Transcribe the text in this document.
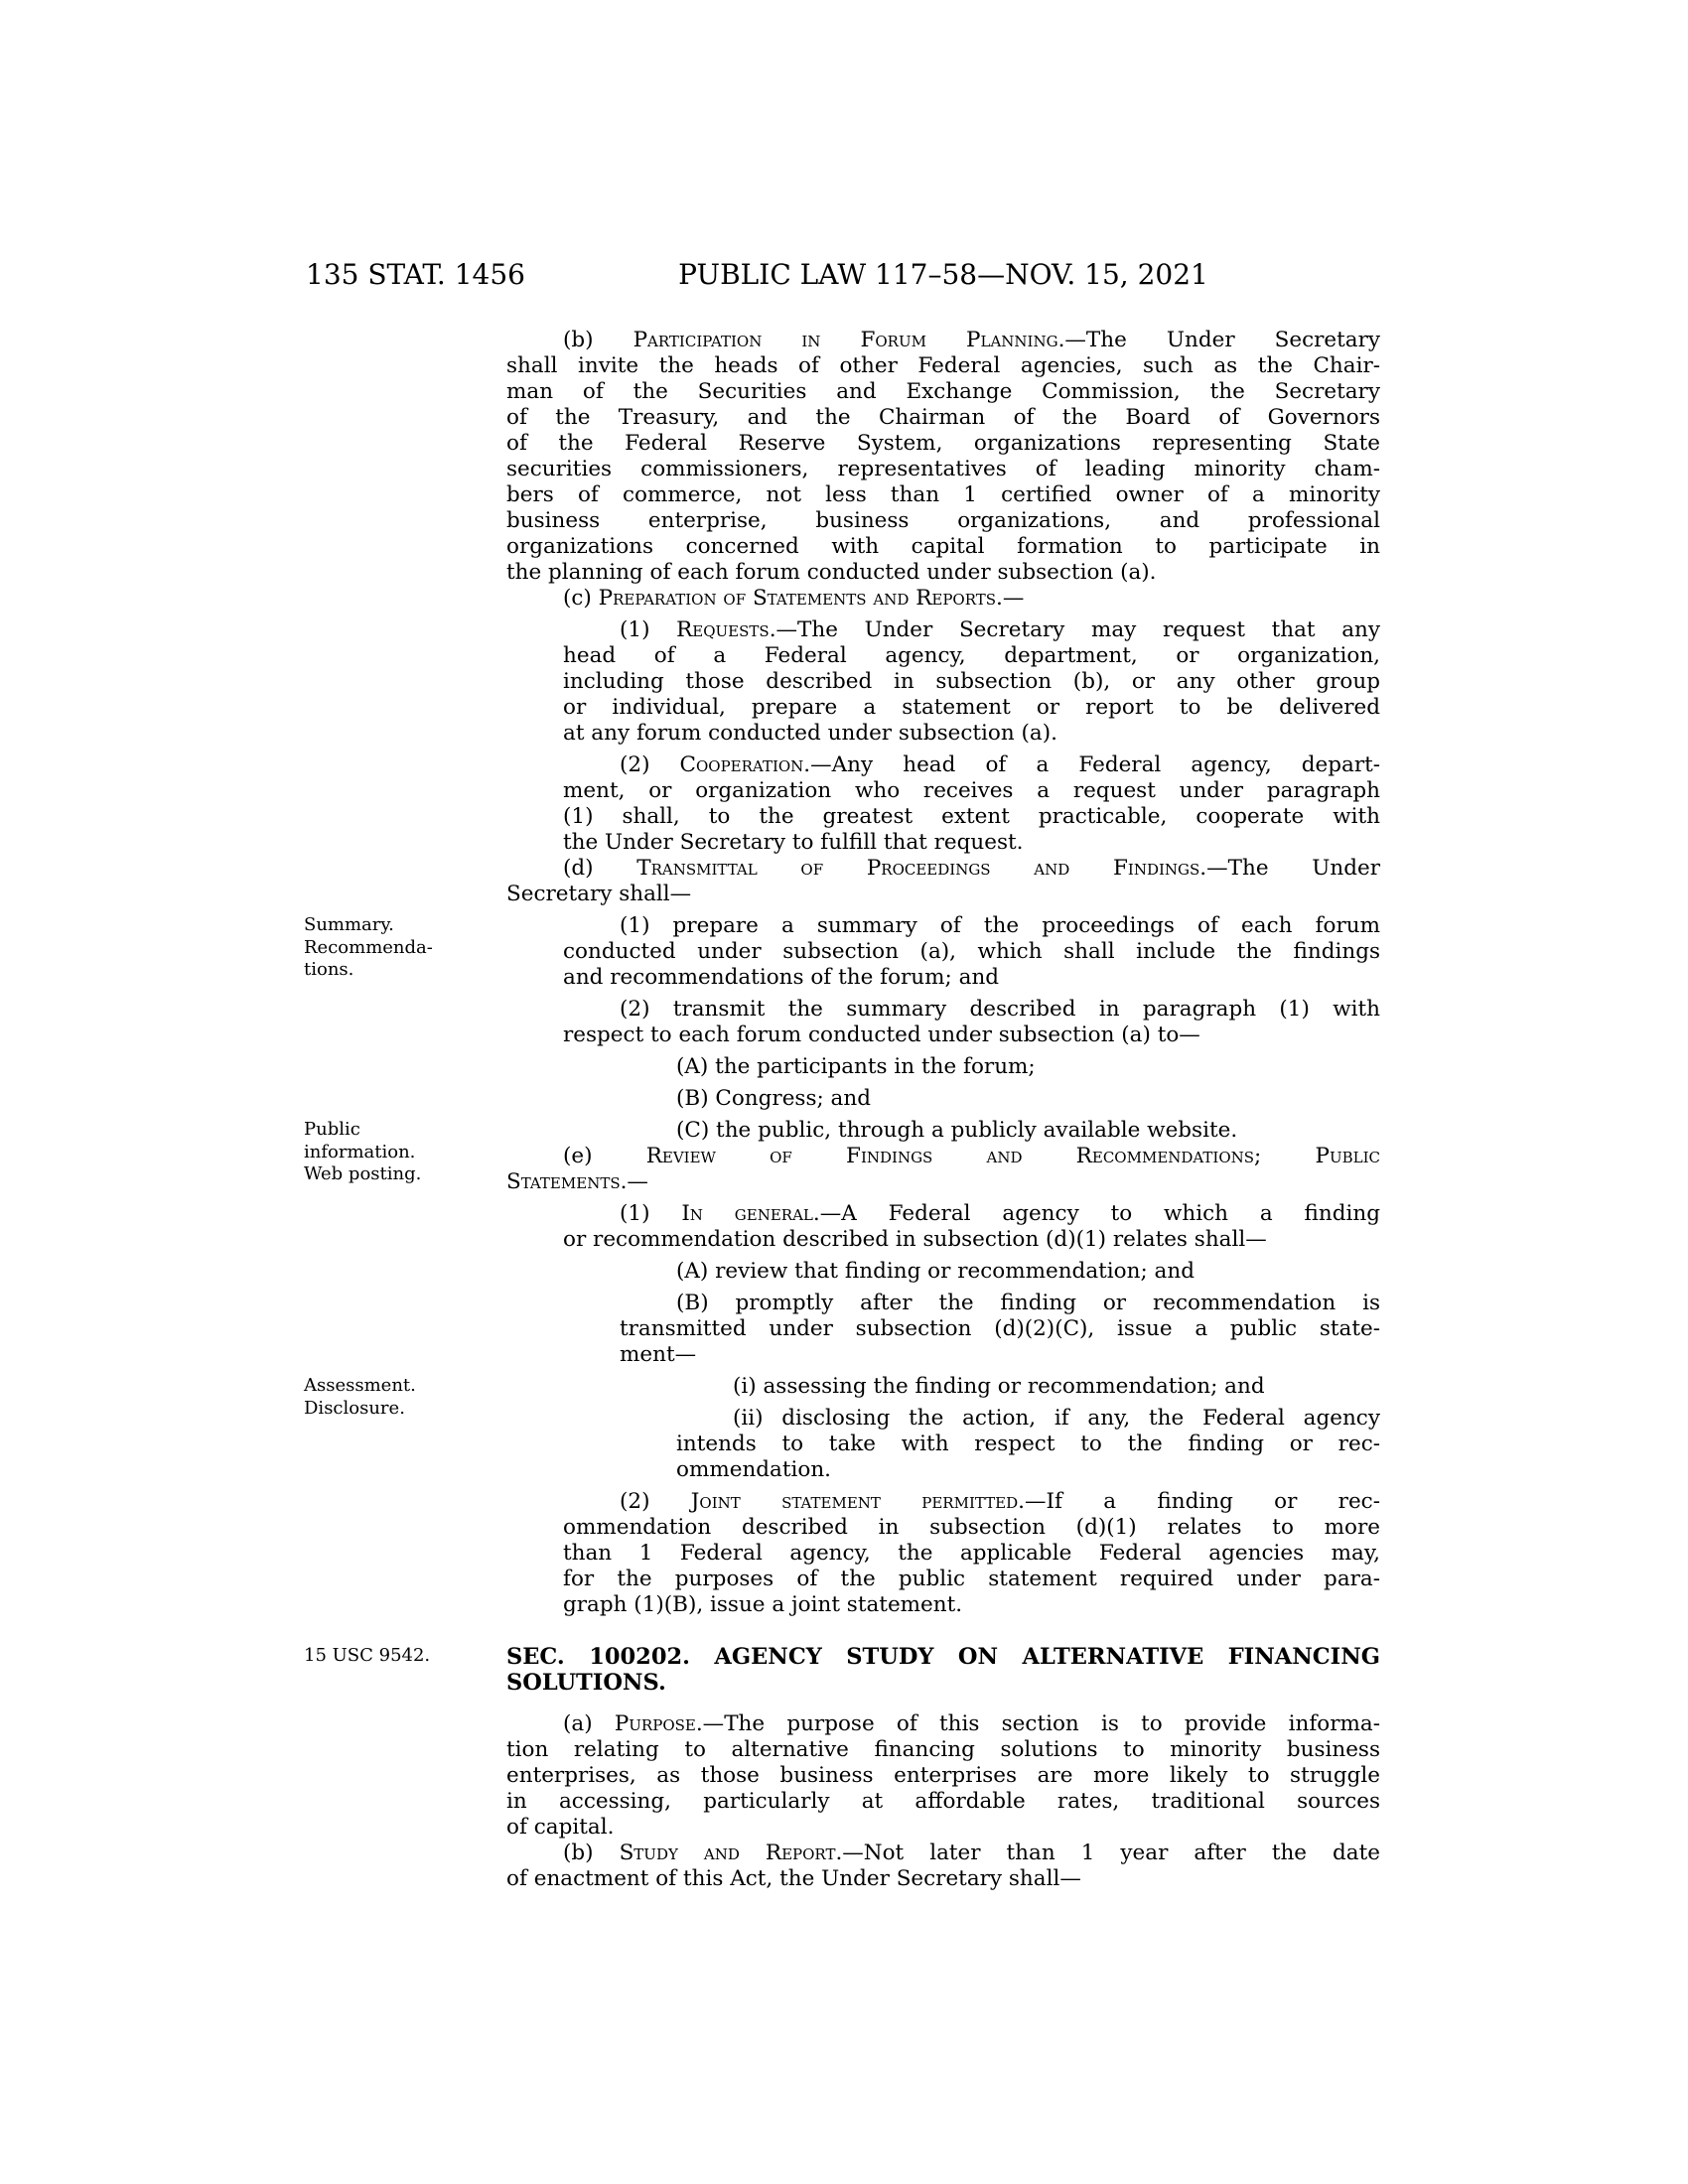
135 STAT. 1456	PUBLIC LAW 117–58—NOV. 15, 2021
(b) Participation in Forum Planning.—The Under Secretary
shall invite the heads of other Federal agencies, such as the Chair-
man of the Securities and Exchange Commission, the Secretary
of the Treasury, and the Chairman of the Board of Governors
of the Federal Reserve System, organizations representing State
securities commissioners, representatives of leading minority cham-
bers of commerce, not less than 1 certified owner of a minority
business enterprise, business organizations, and professional
organizations concerned with capital formation to participate in
the planning of each forum conducted under subsection (a).
(c) Preparation of Statements and Reports.—
(1) Requests.—The Under Secretary may request that any
head of a Federal agency, department, or organization,
including those described in subsection (b), or any other group
or individual, prepare a statement or report to be delivered
at any forum conducted under subsection (a).
(2) Cooperation.—Any head of a Federal agency, depart-
ment, or organization who receives a request under paragraph
(1) shall, to the greatest extent practicable, cooperate with
the Under Secretary to fulfill that request.
(d) Transmittal of Proceedings and Findings.—The Under
Secretary shall—
(1) prepare a summary of the proceedings of each forum
conducted under subsection (a), which shall include the findings
and recommendations of the forum; and
(2) transmit the summary described in paragraph (1) with
respect to each forum conducted under subsection (a) to—
(A) the participants in the forum;
(B) Congress; and
(C) the public, through a publicly available website.
(e) Review of Findings and Recommendations; Public
Statements.—
(1) In general.—A Federal agency to which a finding
or recommendation described in subsection (d)(1) relates shall—
(A) review that finding or recommendation; and
(B) promptly after the finding or recommendation is
transmitted under subsection (d)(2)(C), issue a public state-
ment—
(i) assessing the finding or recommendation; and
(ii) disclosing the action, if any, the Federal agency
intends to take with respect to the finding or rec-
ommendation.
(2) Joint statement permitted.—If a finding or rec-
ommendation described in subsection (d)(1) relates to more
than 1 Federal agency, the applicable Federal agencies may,
for the purposes of the public statement required under para-
graph (1)(B), issue a joint statement.
SEC. 100202. AGENCY STUDY ON ALTERNATIVE FINANCING SOLUTIONS.
(a) Purpose.—The purpose of this section is to provide informa-
tion relating to alternative financing solutions to minority business
enterprises, as those business enterprises are more likely to struggle
in accessing, particularly at affordable rates, traditional sources
of capital.
(b) Study and Report.—Not later than 1 year after the date
of enactment of this Act, the Under Secretary shall—
Summary.
Recommenda-
tions.
Public
information.
Web posting.
Assessment.
Disclosure.
15 USC 9542.
